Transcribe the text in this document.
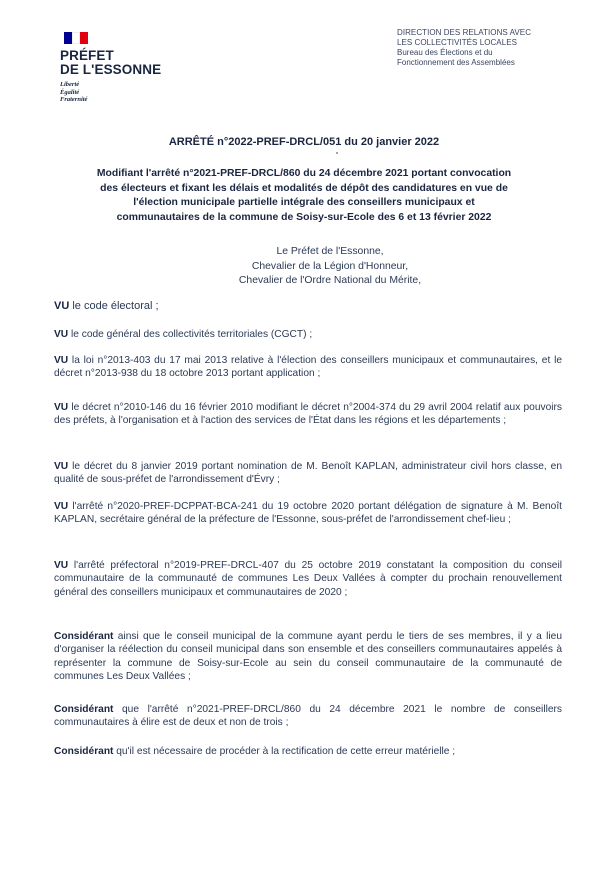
PRÉFET
DE L'ESSONNE
Liberté
Égalité
Fraternité
DIRECTION DES RELATIONS AVEC
LES COLLECTIVITÉS LOCALES
Bureau des Élections et du
Fonctionnement des Assemblées
ARRÊTÉ n°2022-PREF-DRCL/051 du 20 janvier 2022
Modifiant l'arrêté n°2021-PREF-DRCL/860 du 24 décembre 2021 portant convocation
des électeurs et fixant les délais et modalités de dépôt des candidatures en vue de
l'élection municipale partielle intégrale des conseillers municipaux et
communautaires de la commune de Soisy-sur-Ecole des 6 et 13 février 2022
Le Préfet de l'Essonne,
Chevalier de la Légion d'Honneur,
Chevalier de l'Ordre National du Mérite,

VU le code électoral ;

VU le code général des collectivités territoriales (CGCT) ;

VU la loi n°2013-403 du 17 mai 2013 relative à l'élection des conseillers municipaux et communautaires, et le décret n°2013-938 du 18 octobre 2013 portant application ;

VU le décret n°2010-146 du 16 février 2010 modifiant le décret n°2004-374 du 29 avril 2004 relatif aux pouvoirs des préfets, à l'organisation et à l'action des services de l'État dans les régions et les départements ;

VU le décret du 8 janvier 2019 portant nomination de M. Benoît KAPLAN, administrateur civil hors classe, en qualité de sous-préfet de l'arrondissement d'Évry ;

VU l'arrêté n°2020-PREF-DCPPAT-BCA-241 du 19 octobre 2020 portant délégation de signature à M. Benoît KAPLAN, secrétaire général de la préfecture de l'Essonne, sous-préfet de l'arrondissement chef-lieu ;

VU l'arrêté préfectoral n°2019-PREF-DRCL-407 du 25 octobre 2019 constatant la composition du conseil communautaire de la communauté de communes Les Deux Vallées à compter du prochain renouvellement général des conseillers municipaux et communautaires de 2020 ;

Considérant ainsi que le conseil municipal de la commune ayant perdu le tiers de ses membres, il y a lieu d'organiser la réélection du conseil municipal dans son ensemble et des conseillers communautaires appelés à représenter la commune de Soisy-sur-Ecole au sein du conseil communautaire de la communauté de communes Les Deux Vallées ;

Considérant que l'arrêté n°2021-PREF-DRCL/860 du 24 décembre 2021 le nombre de conseillers communautaires à élire est de deux et non de trois ;

Considérant qu'il est nécessaire de procéder à la rectification de cette erreur matérielle ;
